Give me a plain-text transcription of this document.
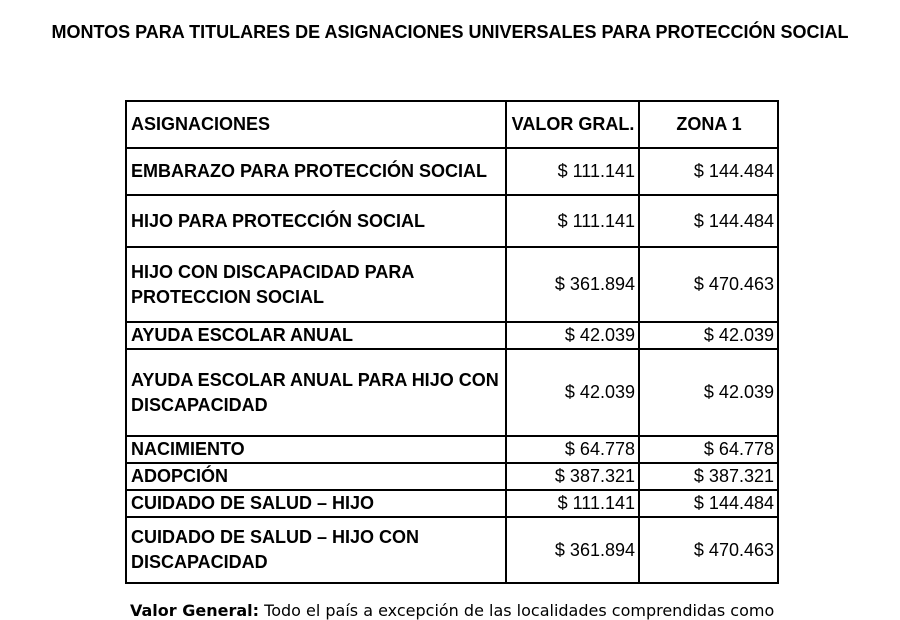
MONTOS PARA TITULARES DE ASIGNACIONES UNIVERSALES PARA PROTECCIÓN SOCIAL
ASIGNACIONES	VALOR GRAL.	ZONA 1
EMBARAZO PARA PROTECCIÓN SOCIAL	$ 111.141	$ 144.484
HIJO PARA PROTECCIÓN SOCIAL	$ 111.141	$ 144.484
HIJO CON DISCAPACIDAD PARA PROTECCION SOCIAL	$ 361.894	$ 470.463
AYUDA ESCOLAR ANUAL	$ 42.039	$ 42.039
AYUDA ESCOLAR ANUAL PARA HIJO CON DISCAPACIDAD	$ 42.039	$ 42.039
NACIMIENTO	$ 64.778	$ 64.778
ADOPCIÓN	$ 387.321	$ 387.321
CUIDADO DE SALUD – HIJO	$ 111.141	$ 144.484
CUIDADO DE SALUD – HIJO CON DISCAPACIDAD	$ 361.894	$ 470.463
Valor General: Todo el país a excepción de las localidades comprendidas como
